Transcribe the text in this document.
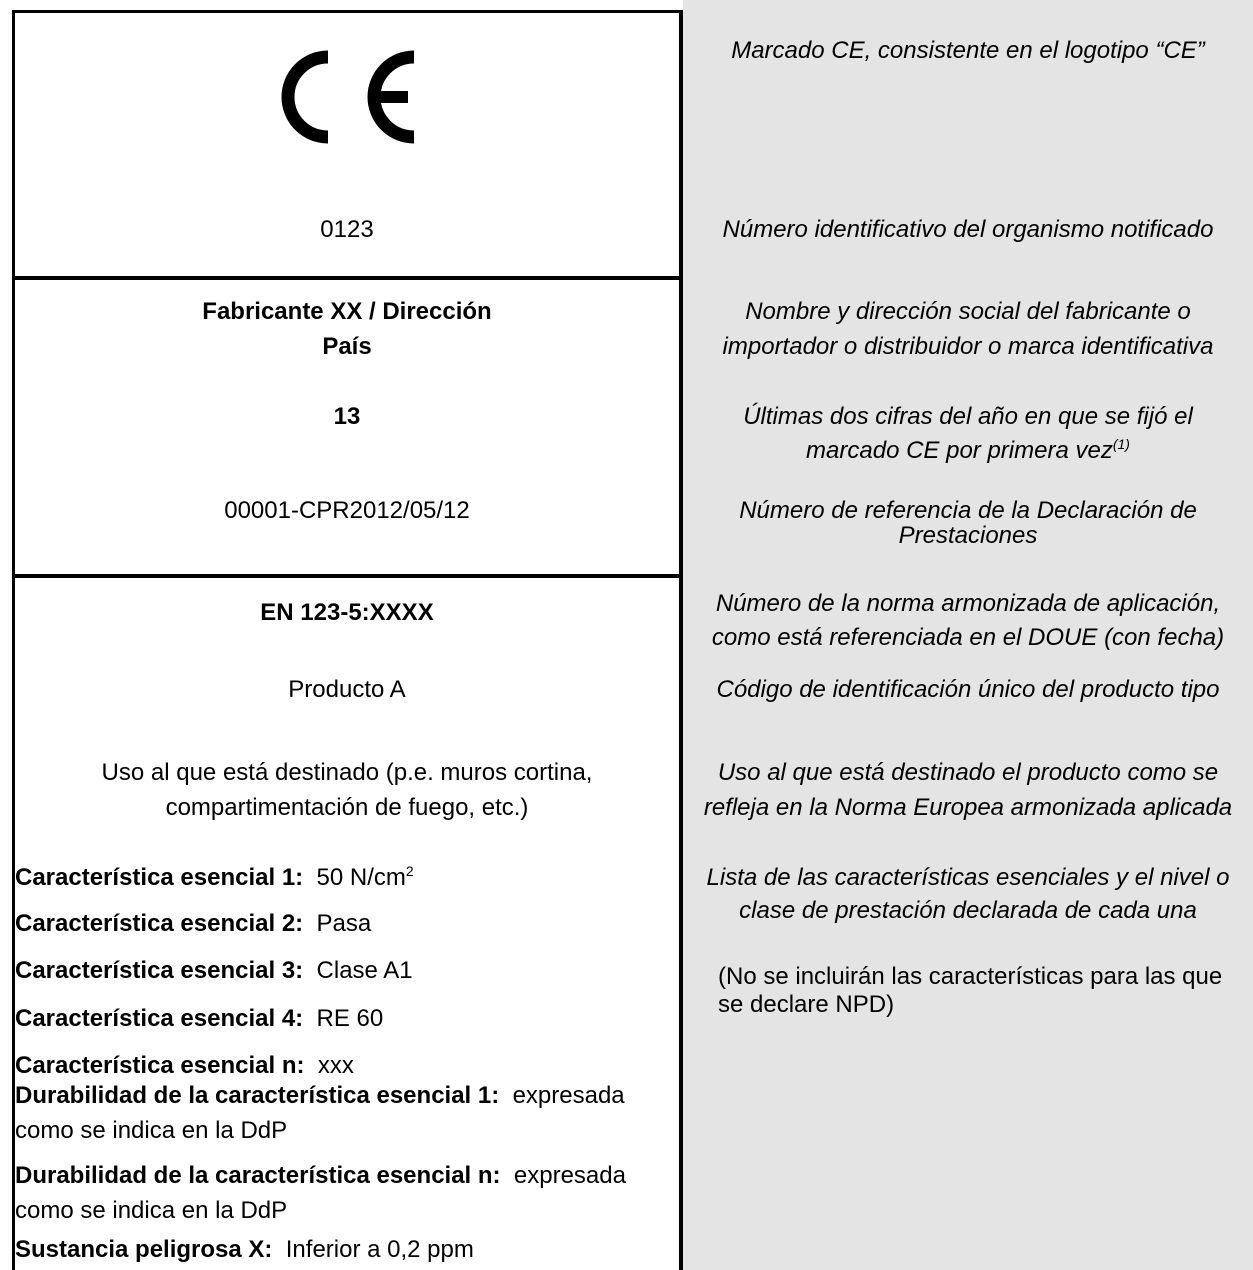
0123
Fabricante XX / Dirección
País
13
00001-CPR2012/05/12
EN 123-5:XXXX
Producto A
Uso al que está destinado (p.e. muros cortina,
compartimentación de fuego, etc.)
Característica esencial 1: 50 $N/cm^2$
Característica esencial 2: Pasa
Característica esencial 3: Clase A1
Característica esencial 4: RE 60
Característica esencial n: xxx
Durabilidad de la característica esencial 1: expresada como se indica en la DdP
Durabilidad de la característica esencial n: expresada como se indica en la DdP
Sustancia peligrosa X: Inferior a 0,2 ppm
Marcado CE, consistente en el logotipo “CE”
Número identificativo del organismo notificado
Nombre y dirección social del fabricante o
importador o distribuidor o marca identificativa
Últimas dos cifras del año en que se fijó el
marcado CE por primera vez$^{(1)}$
Número de referencia de la Declaración de
Prestaciones
Número de la norma armonizada de aplicación,
como está referenciada en el DOUE (con fecha)
Código de identificación único del producto tipo
Uso al que está destinado el producto como se
refleja en la Norma Europea armonizada aplicada
Lista de las características esenciales y el nivel o
clase de prestación declarada de cada una
(No se incluirán las características para las que se declare NPD)
